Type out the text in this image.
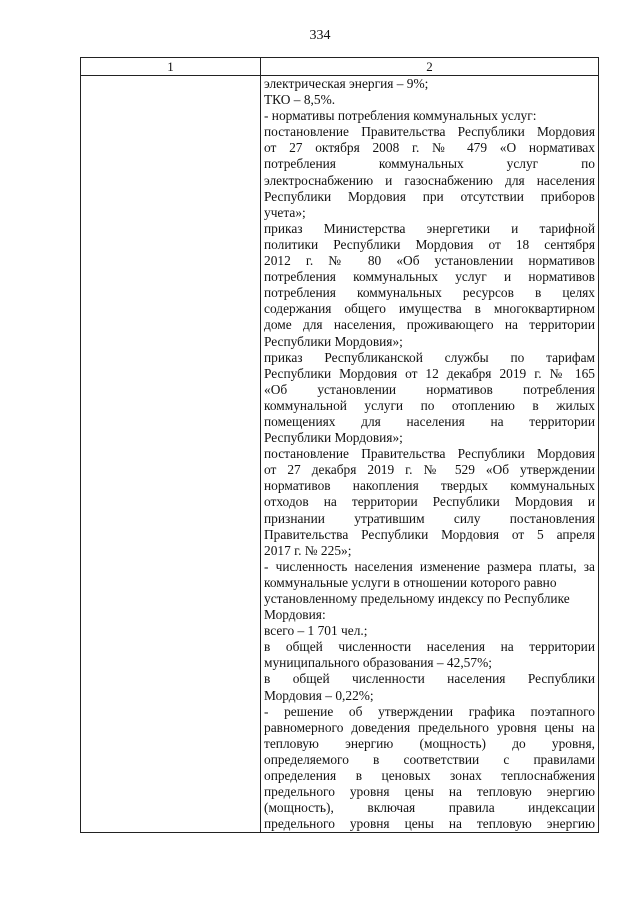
334
1	2
электрическая энергия – 9%;
ТКО – 8,5%.
- нормативы потребления коммунальных услуг:
постановление Правительства Республики Мордовия
от 27 октября 2008 г. № 479 «О нормативах
потребления коммунальных услуг по
электроснабжению и газоснабжению для населения
Республики Мордовия при отсутствии приборов
учета»;
приказ Министерства энергетики и тарифной
политики Республики Мордовия от 18 сентября
2012 г. № 80 «Об установлении нормативов
потребления коммунальных услуг и нормативов
потребления коммунальных ресурсов в целях
содержания общего имущества в многоквартирном
доме для населения, проживающего на территории
Республики Мордовия»;
приказ Республиканской службы по тарифам
Республики Мордовия от 12 декабря 2019 г. № 165
«Об установлении нормативов потребления
коммунальной услуги по отоплению в жилых
помещениях для населения на территории
Республики Мордовия»;
постановление Правительства Республики Мордовия
от 27 декабря 2019 г. № 529 «Об утверждении
нормативов накопления твердых коммунальных
отходов на территории Республики Мордовия и
признании утратившим силу постановления
Правительства Республики Мордовия от 5 апреля
2017 г. № 225»;
- численность населения изменение размера платы, за
коммунальные услуги в отношении которого равно
установленному предельному индексу по Республике
Мордовия:
всего – 1 701 чел.;
в общей численности населения на территории
муниципального образования – 42,57%;
в общей численности населения Республики
Мордовия – 0,22%;
- решение об утверждении графика поэтапного
равномерного доведения предельного уровня цены на
тепловую энергию (мощность) до уровня,
определяемого в соответствии с правилами
определения в ценовых зонах теплоснабжения
предельного уровня цены на тепловую энергию
(мощность), включая правила индексации
предельного уровня цены на тепловую энергию
